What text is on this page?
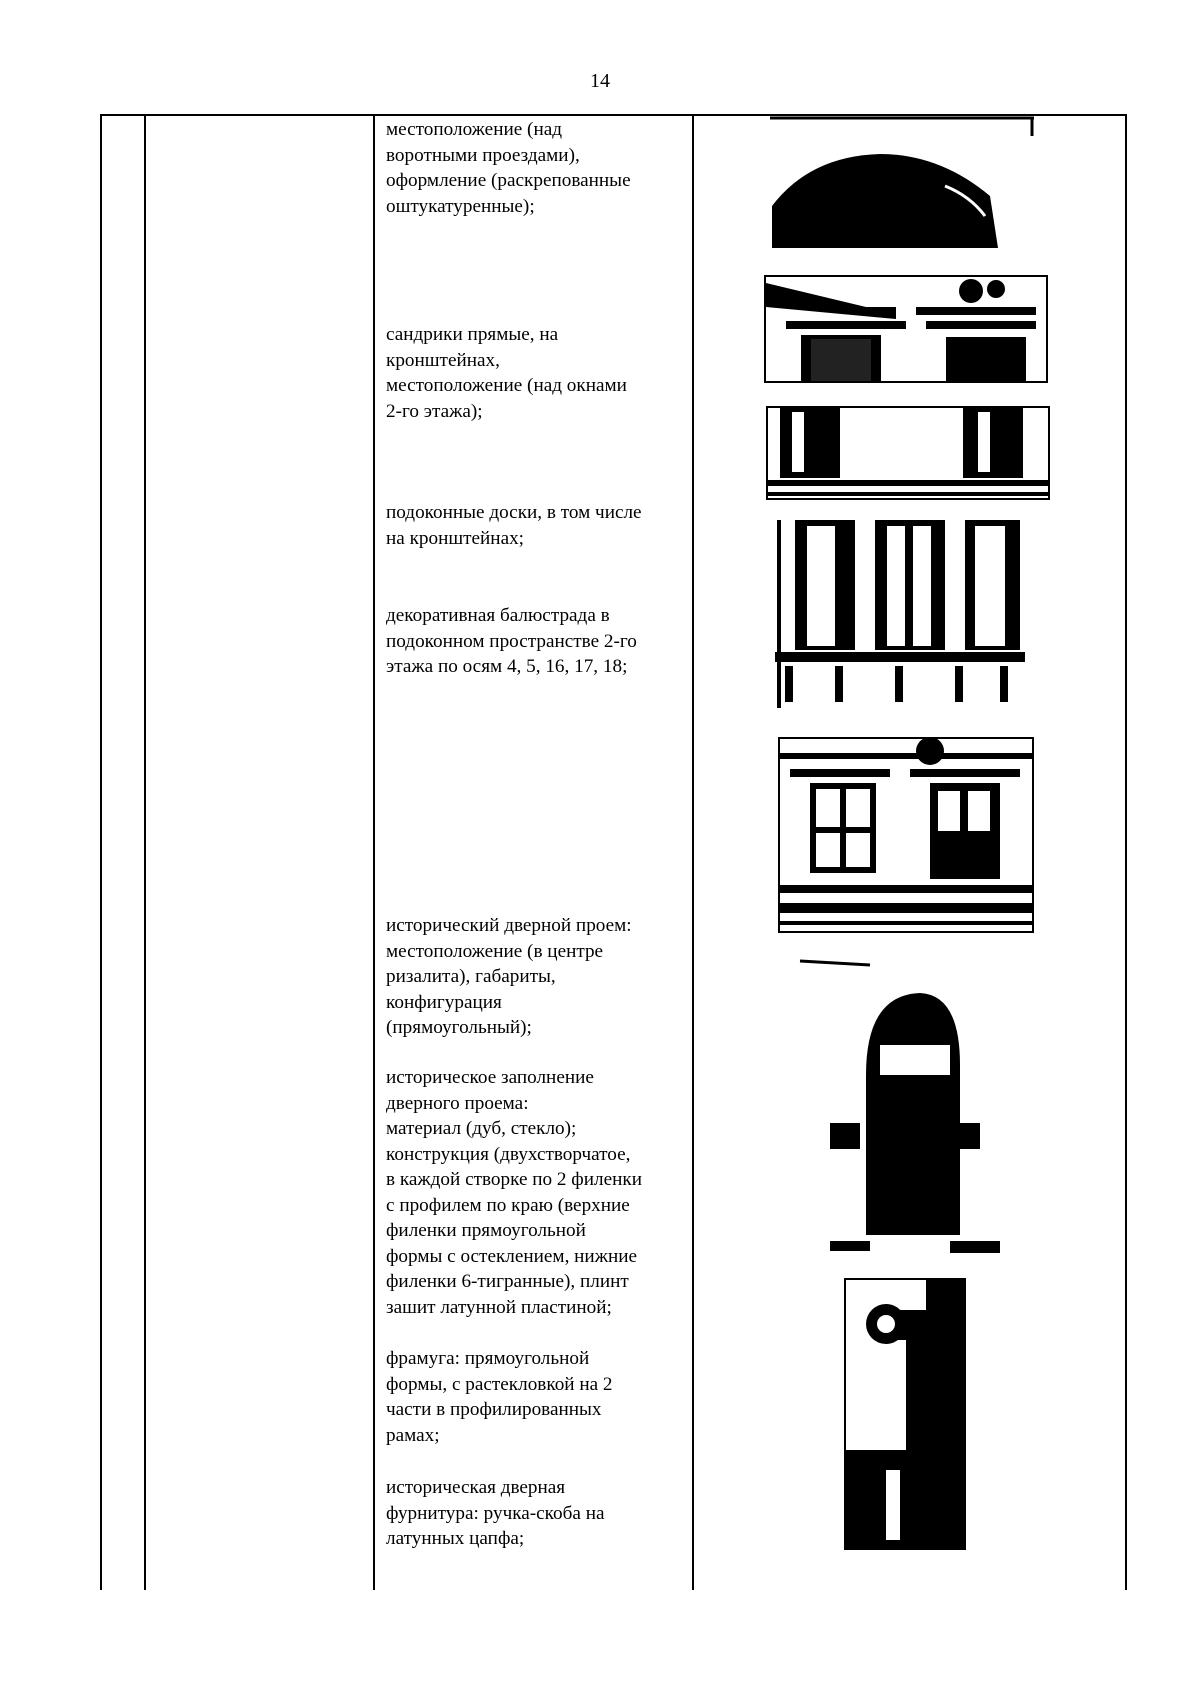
14
местоположение (над
воротными проездами),
оформление (раскрепованные
оштукатуренные);
сандрики прямые, на
кронштейнах,
местоположение (над окнами
2-го этажа);
подоконные доски, в том числе
на кронштейнах;
декоративная балюстрада в
подоконном пространстве 2-го
этажа по осям 4, 5, 16, 17, 18;
исторический дверной проем:
местоположение (в центре
ризалита), габариты,
конфигурация
(прямоугольный);
историческое заполнение
дверного проема:
материал (дуб, стекло);
конструкция (двухстворчатое,
в каждой створке по 2 филенки
с профилем по краю (верхние
филенки прямоугольной
формы с остеклением, нижние
филенки 6-тигранные), плинт
зашит латунной пластиной;
фрамуга: прямоугольной
формы, с растекловкой на 2
части в профилированных
рамах;
историческая дверная
фурнитура: ручка-скоба на
латунных цапфа;
